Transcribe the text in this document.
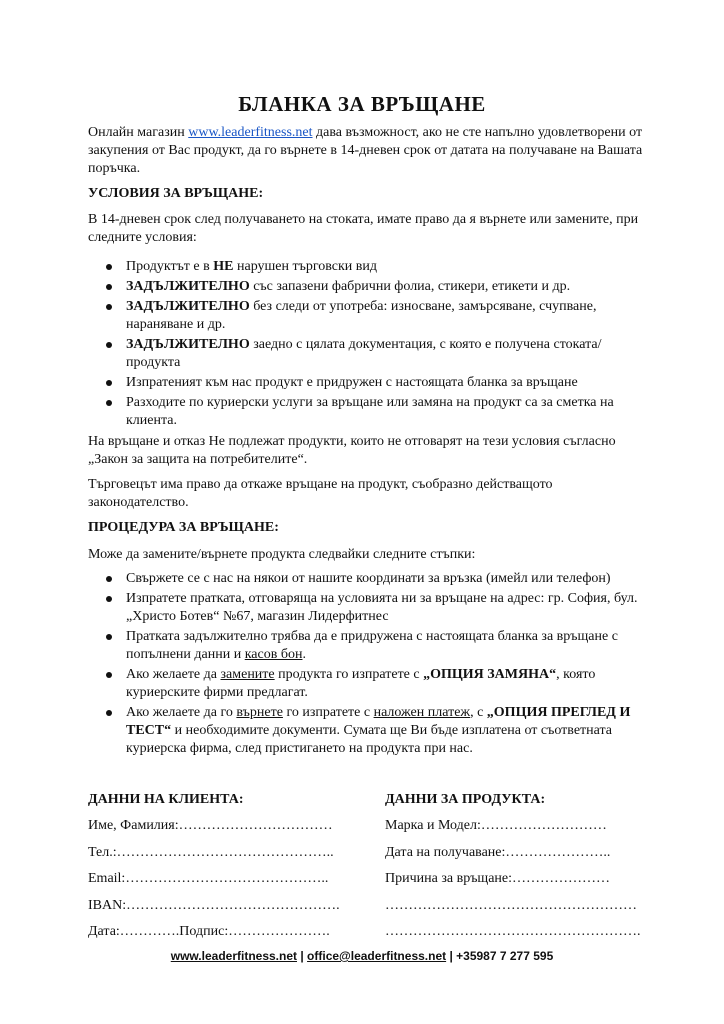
БЛАНКА ЗА ВРЪЩАНЕ
Онлайн магазин www.leaderfitness.net дава възможност, ако не сте напълно удовлетворени от закупения от Вас продукт, да го върнете в 14-дневен срок от датата на получаване на Вашата поръчка.
УСЛОВИЯ ЗА ВРЪЩАНЕ:
В 14-дневен срок след получаването на стоката, имате право да я върнете или замените, при следните условия:
Продуктът е в НЕ нарушен търговски вид
ЗАДЪЛЖИТЕЛНО със запазени фабрични фолиа, стикери, етикети и др.
ЗАДЪЛЖИТЕЛНО без следи от употреба: износване, замърсяване, счупване, нараняване и др.
ЗАДЪЛЖИТЕЛНО заедно с цялата документация, с която е получена стоката/продукта
Изпратеният към нас продукт е придружен с настоящата бланка за връщане
Разходите по куриерски услуги за връщане или замяна на продукт са за сметка на клиента.
На връщане и отказ Не подлежат продукти, които не отговарят на тези условия съгласно „Закон за защита на потребителите“.
Търговецът има право да откаже връщане на продукт, съобразно действащото законодателство.
ПРОЦЕДУРА ЗА ВРЪЩАНЕ:
Може да замените/върнете продукта следвайки следните стъпки:
Свържете се с нас на някои от нашите координати за връзка (имейл или телефон)
Изпратете пратката, отговаряща на условията ни за връщане на адрес: гр. София, бул. „Христо Ботев“ №67, магазин Лидерфитнес
Пратката задължително трябва да е придружена с настоящата бланка за връщане с попълнени данни и касов бон.
Ако желаете да замените продукта го изпратете с „ОПЦИЯ ЗАМЯНА“, която куриерските фирми предлагат.
Ако желаете да го върнете го изпратете с наложен платеж, с „ОПЦИЯ ПРЕГЛЕД И ТЕСТ“ и необходимите документи. Сумата ще Ви бъде изплатена от съответната куриерска фирма, след пристигането на продукта при нас.
ДАННИ НА КЛИЕНТА:	ДАННИ ЗА ПРОДУКТА:
Име, Фамилия:……………………………
Тел.:………………………………………..
Email:……………………………………..
IBAN:……………………………………….
Дата:………….Подпис:………………….
Марка и Модел:………………………
Дата на получаване:…………………..
Причина за връщане:…………………
………………………………………………
……………………………………………….
www.leaderfitness.net | office@leaderfitness.net | +35987 7 277 595
